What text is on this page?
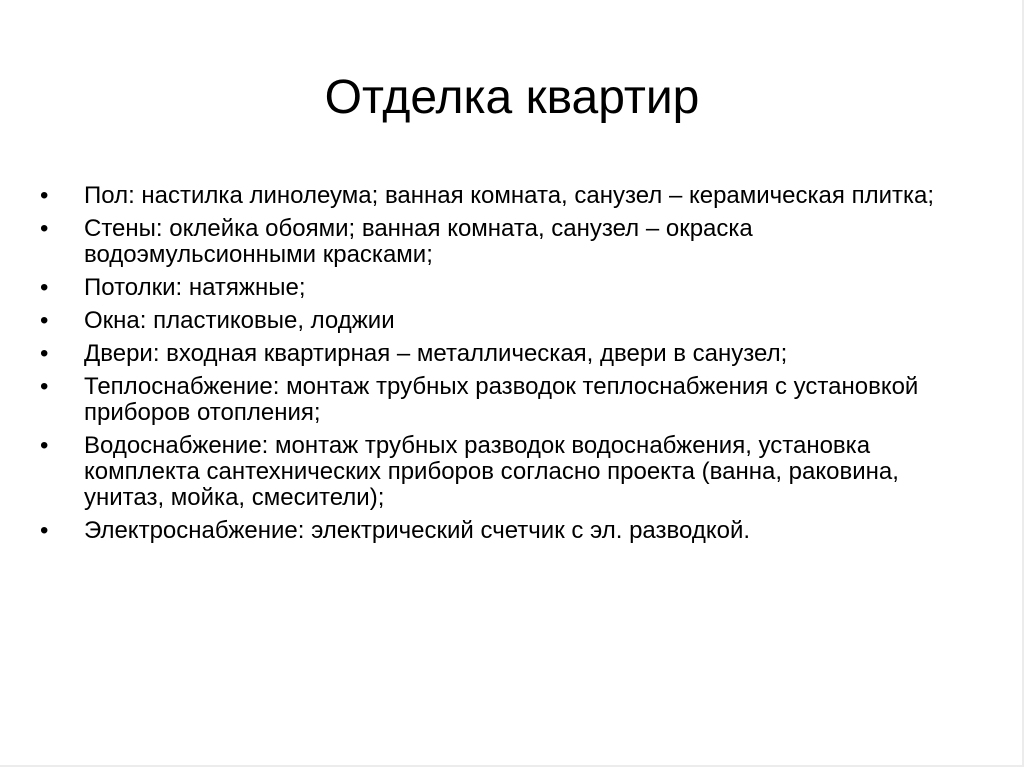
Отделка квартир
•	Пол: настилка линолеума; ванная комната, санузел – керамическая плитка;
•	Стены: оклейка обоями; ванная комната, санузел – окраска водоэмульсионными красками;
•	Потолки: натяжные;
•	Окна: пластиковые, лоджии
•	Двери: входная квартирная – металлическая, двери в санузел;
•	Теплоснабжение: монтаж трубных разводок теплоснабжения с установкой приборов отопления;
•	Водоснабжение: монтаж трубных разводок водоснабжения, установка комплекта сантехнических приборов согласно проекта (ванна, раковина, унитаз, мойка, смесители);
•	Электроснабжение: электрический счетчик с эл. разводкой.
